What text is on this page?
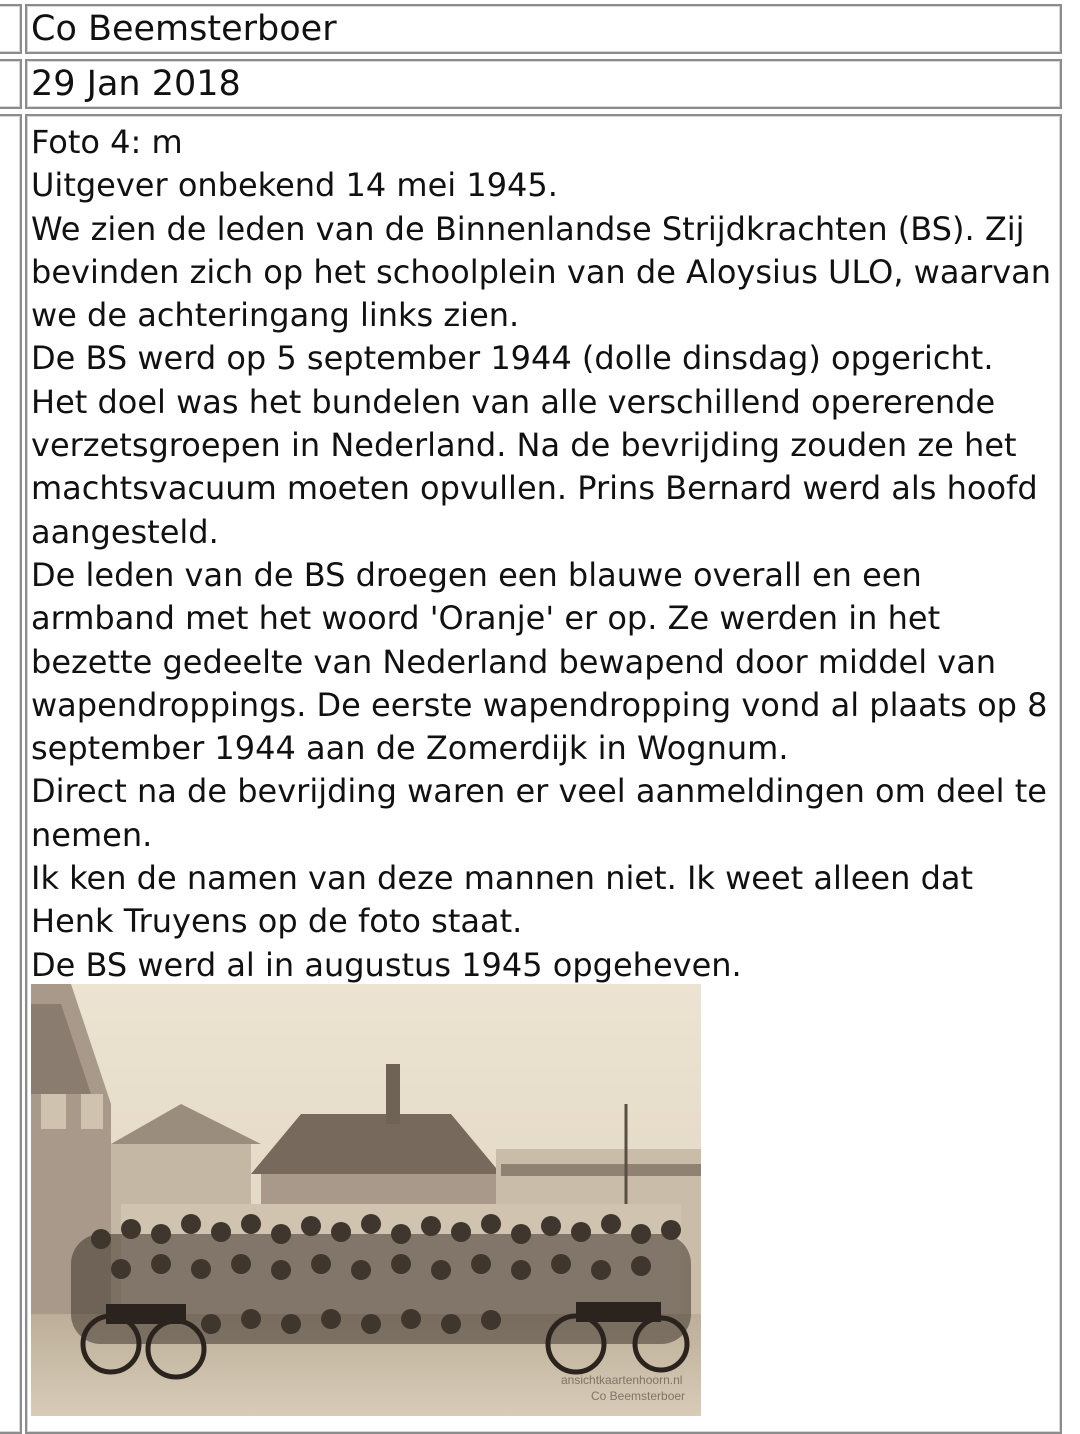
Co Beemsterboer
29 Jan 2018
Foto 4: m
Uitgever onbekend 14 mei 1945.
We zien de leden van de Binnenlandse Strijdkrachten (BS). Zij bevinden zich op het schoolplein van de Aloysius ULO, waarvan we de achteringang links zien.
De BS werd op 5 september 1944 (dolle dinsdag) opgericht. Het doel was het bundelen van alle verschillend opererende verzetsgroepen in Nederland. Na de bevrijding zouden ze het machtsvacuum moeten opvullen. Prins Bernard werd als hoofd aangesteld.
De leden van de BS droegen een blauwe overall en een armband met het woord 'Oranje' er op. Ze werden in het bezette gedeelte van Nederland bewapend door middel van wapendroppings. De eerste wapendropping vond al plaats op 8 september 1944 aan de Zomerdijk in Wognum.
Direct na de bevrijding waren er veel aanmeldingen om deel te nemen.
Ik ken de namen van deze mannen niet. Ik weet alleen dat Henk Truyens op de foto staat.
De BS werd al in augustus 1945 opgeheven.
ansichtkaartenhoorn.nl
Co Beemsterboer
